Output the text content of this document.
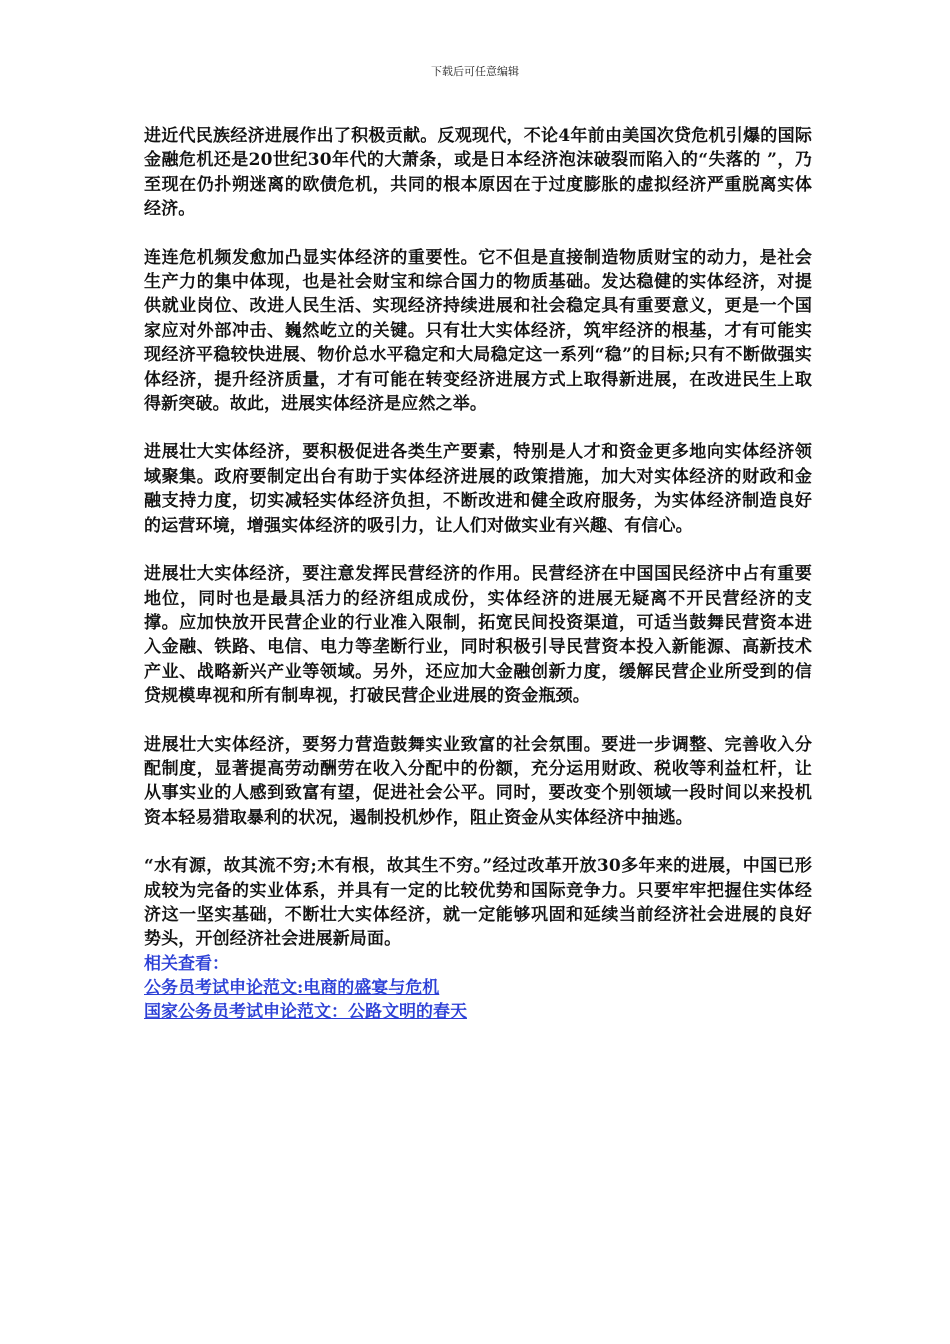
下载后可任意编辑

进近代民族经济进展作出了积极贡献。反观现代，不论4年前由美国次贷危机引爆的国际金融危机还是20世纪30年代的大萧条，或是日本经济泡沫破裂而陷入的“失落的 ”，乃至现在仍扑朔迷离的欧债危机，共同的根本原因在于过度膨胀的虚拟经济严重脱离实体经济。

连连危机频发愈加凸显实体经济的重要性。它不但是直接制造物质财宝的动力，是社会生产力的集中体现，也是社会财宝和综合国力的物质基础。发达稳健的实体经济，对提供就业岗位、改进人民生活、实现经济持续进展和社会稳定具有重要意义，更是一个国家应对外部冲击、巍然屹立的关键。只有壮大实体经济，筑牢经济的根基，才有可能实现经济平稳较快进展、物价总水平稳定和大局稳定这一系列“稳”的目标;只有不断做强实体经济，提升经济质量，才有可能在转变经济进展方式上取得新进展，在改进民生上取得新突破。故此，进展实体经济是应然之举。

进展壮大实体经济，要积极促进各类生产要素，特别是人才和资金更多地向实体经济领域聚集。政府要制定出台有助于实体经济进展的政策措施，加大对实体经济的财政和金融支持力度，切实减轻实体经济负担，不断改进和健全政府服务，为实体经济制造良好的运营环境，增强实体经济的吸引力，让人们对做实业有兴趣、有信心。

进展壮大实体经济，要注意发挥民营经济的作用。民营经济在中国国民经济中占有重要地位，同时也是最具活力的经济组成成份，实体经济的进展无疑离不开民营经济的支撑。应加快放开民营企业的行业准入限制，拓宽民间投资渠道，可适当鼓舞民营资本进入金融、铁路、电信、电力等垄断行业，同时积极引导民营资本投入新能源、高新技术产业、战略新兴产业等领域。另外，还应加大金融创新力度，缓解民营企业所受到的信贷规模卑视和所有制卑视，打破民营企业进展的资金瓶颈。

进展壮大实体经济，要努力营造鼓舞实业致富的社会氛围。要进一步调整、完善收入分配制度，显著提高劳动酬劳在收入分配中的份额，充分运用财政、税收等利益杠杆，让从事实业的人感到致富有望，促进社会公平。同时，要改变个别领域一段时间以来投机资本轻易猎取暴利的状况，遏制投机炒作，阻止资金从实体经济中抽逃。

“水有源，故其流不穷;木有根，故其生不穷。”经过改革开放30多年来的进展，中国已形成较为完备的实业体系，并具有一定的比较优势和国际竞争力。只要牢牢把握住实体经济这一坚实基础，不断壮大实体经济，就一定能够巩固和延续当前经济社会进展的良好势头，开创经济社会进展新局面。

相关查看：
公务员考试申论范文:电商的盛宴与危机
国家公务员考试申论范文：公路文明的春天
